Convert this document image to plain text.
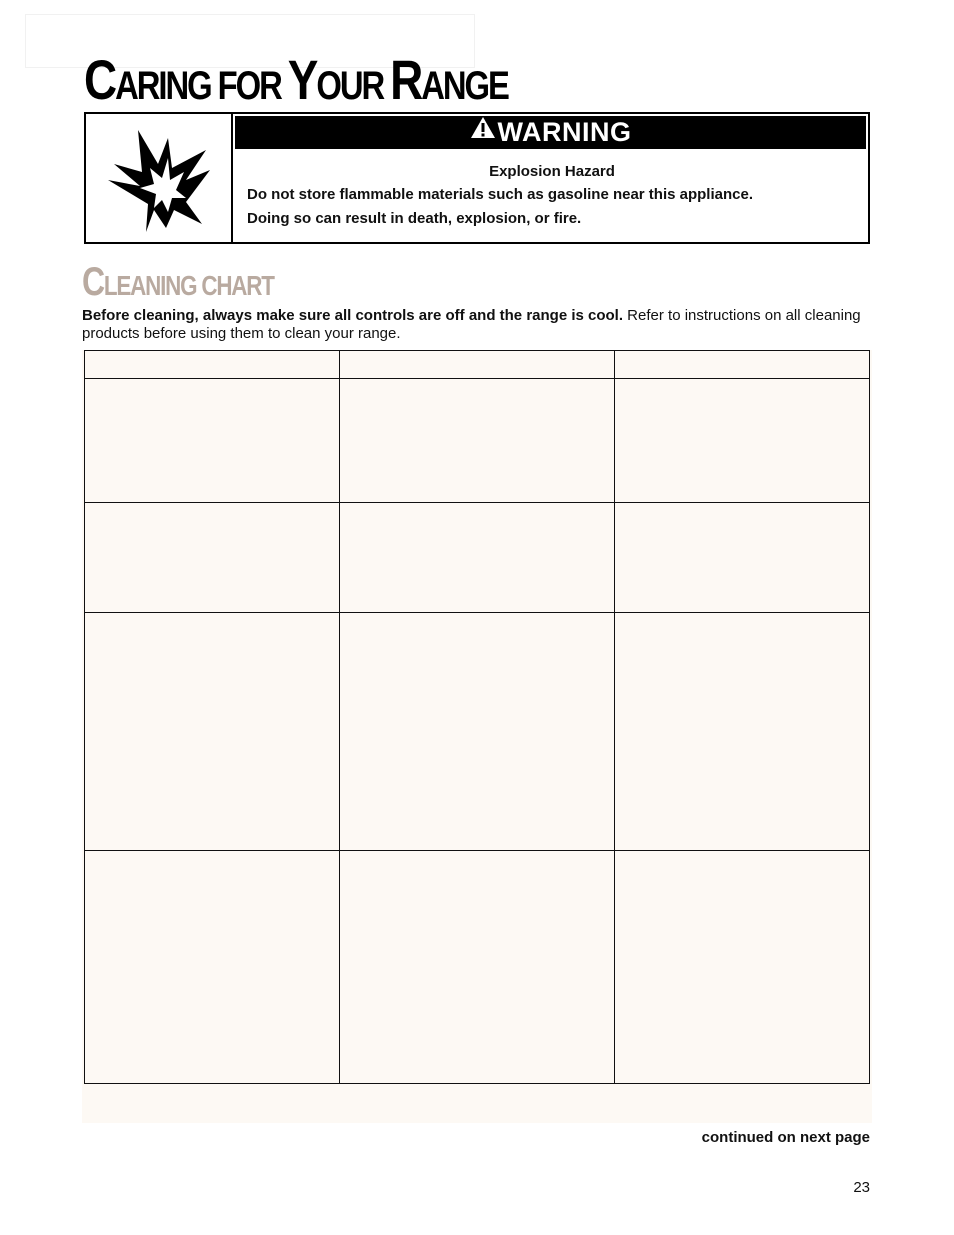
CARING FOR YOUR RANGE
WARNING
Explosion Hazard
Do not store flammable materials such as gasoline near this appliance.
Doing so can result in death, explosion, or fire.
CLEANING CHART
Before cleaning, always make sure all controls are off and the range is cool. Refer to instructions on all cleaning products before using them to clean your range.

continued on next page
23
